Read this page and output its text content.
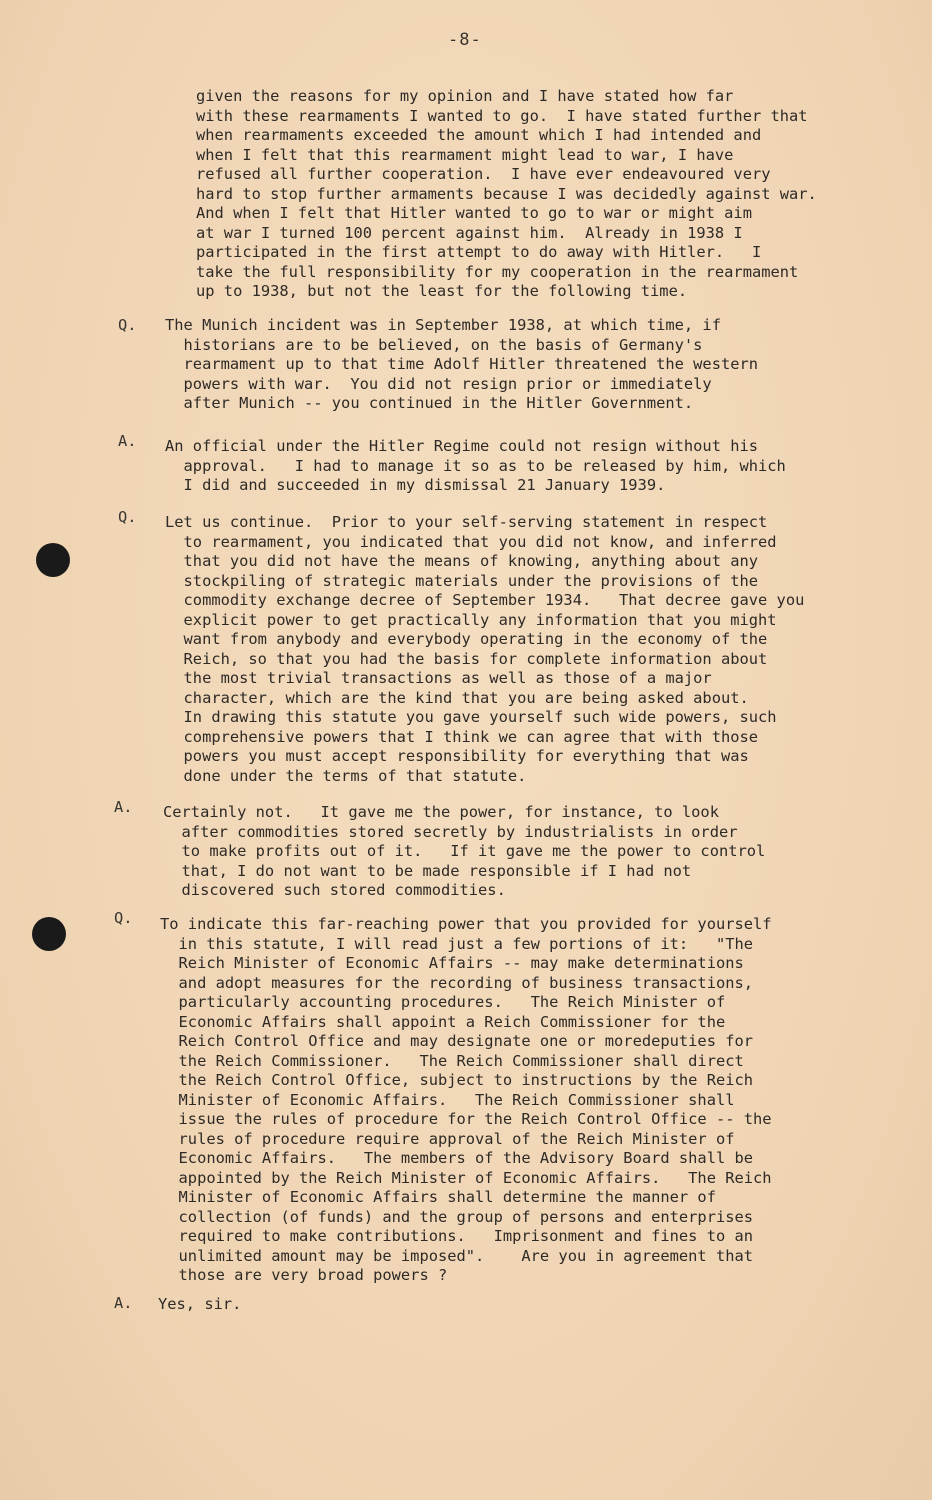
-8-
given the reasons for my opinion and I have stated how far
with these rearmaments I wanted to go.  I have stated further that
when rearmaments exceeded the amount which I had intended and
when I felt that this rearmament might lead to war, I have
refused all further cooperation.  I have ever endeavoured very
hard to stop further armaments because I was decidedly against war.
And when I felt that Hitler wanted to go to war or might aim
at war I turned 100 percent against him.  Already in 1938 I
participated in the first attempt to do away with Hitler.   I
take the full responsibility for my cooperation in the rearmament
up to 1938, but not the least for the following time.
Q. The Munich incident was in September 1938, at which time, if
historians are to be believed, on the basis of Germany's
rearmament up to that time Adolf Hitler threatened the western
powers with war.  You did not resign prior or immediately
after Munich -- you continued in the Hitler Government.
A. An official under the Hitler Regime could not resign without his
approval.   I had to manage it so as to be released by him, which
I did and succeeded in my dismissal 21 January 1939.
Q. Let us continue.  Prior to your self-serving statement in respect
to rearmament, you indicated that you did not know, and inferred
that you did not have the means of knowing, anything about any
stockpiling of strategic materials under the provisions of the
commodity exchange decree of September 1934.   That decree gave you
explicit power to get practically any information that you might
want from anybody and everybody operating in the economy of the
Reich, so that you had the basis for complete information about
the most trivial transactions as well as those of a major
character, which are the kind that you are being asked about.
In drawing this statute you gave yourself such wide powers, such
comprehensive powers that I think we can agree that with those
powers you must accept responsibility for everything that was
done under the terms of that statute.
A. Certainly not.   It gave me the power, for instance, to look
after commodities stored secretly by industrialists in order
to make profits out of it.   If it gave me the power to control
that, I do not want to be made responsible if I had not
discovered such stored commodities.
Q. To indicate this far-reaching power that you provided for yourself
in this statute, I will read just a few portions of it:   "The
Reich Minister of Economic Affairs -- may make determinations
and adopt measures for the recording of business transactions,
particularly accounting procedures.   The Reich Minister of
Economic Affairs shall appoint a Reich Commissioner for the
Reich Control Office and may designate one or moredeputies for
the Reich Commissioner.   The Reich Commissioner shall direct
the Reich Control Office, subject to instructions by the Reich
Minister of Economic Affairs.   The Reich Commissioner shall
issue the rules of procedure for the Reich Control Office -- the
rules of procedure require approval of the Reich Minister of
Economic Affairs.   The members of the Advisory Board shall be
appointed by the Reich Minister of Economic Affairs.   The Reich
Minister of Economic Affairs shall determine the manner of
collection (of funds) and the group of persons and enterprises
required to make contributions.   Imprisonment and fines to an
unlimited amount may be imposed".    Are you in agreement that
those are very broad powers ?
A. Yes, sir.
